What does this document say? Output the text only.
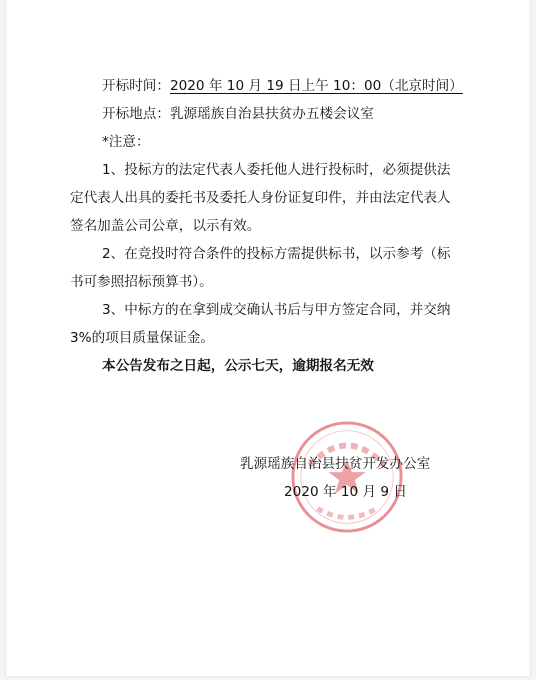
开标时间：2020 年 10 月 19 日上午 10：00（北京时间）
开标地点：乳源瑶族自治县扶贫办五楼会议室
*注意：
1、投标方的法定代表人委托他人进行投标时，必须提供法
定代表人出具的委托书及委托人身份证复印件，并由法定代表人
签名加盖公司公章，以示有效。
2、在竞投时符合条件的投标方需提供标书，以示参考（标
书可参照招标预算书）。
3、中标方的在拿到成交确认书后与甲方签定合同，并交纳
3%的项目质量保证金。
本公告发布之日起，公示七天，逾期报名无效
乳源瑶族自治县扶贫开发办公室
2020 年 10 月 9 日
